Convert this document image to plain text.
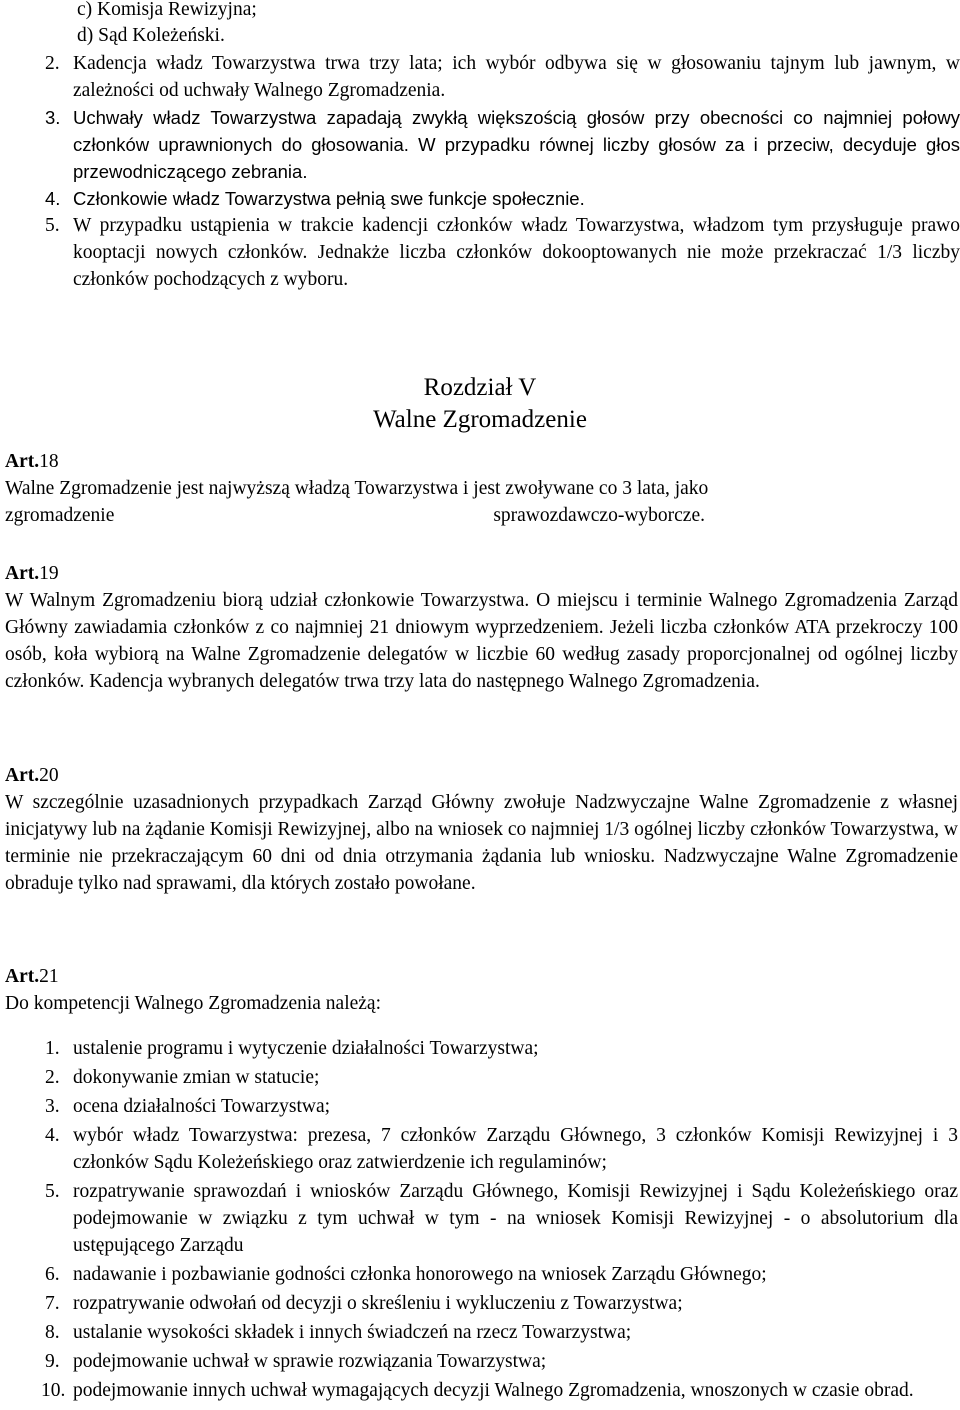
c) Komisja Rewizyjna;

d) Sąd Koleżeński.

2. Kadencja władz Towarzystwa trwa trzy lata; ich wybór odbywa się w głosowaniu tajnym lub jawnym, w zależności od uchwały Walnego Zgromadzenia.
3. Uchwały władz Towarzystwa zapadają zwykłą większością głosów przy obecności co najmniej połowy członków uprawnionych do głosowania. W przypadku równej liczby głosów za i przeciw, decyduje głos przewodniczącego zebrania.
4. Członkowie władz Towarzystwa pełnią swe funkcje społecznie.
5. W przypadku ustąpienia w trakcie kadencji członków władz Towarzystwa, władzom tym przysługuje prawo kooptacji nowych członków. Jednakże liczba członków dokooptowanych nie może przekraczać 1/3 liczby członków pochodzących z wyboru.
Rozdział V
Walne Zgromadzenie

Art.18

Walne Zgromadzenie jest najwyższą władzą Towarzystwa i jest zwoływane co 3 lata, jako

zgromadzenie	sprawozdawczo-wyborcze.

Art.19

W Walnym Zgromadzeniu biorą udział członkowie Towarzystwa. O miejscu i terminie Walnego Zgromadzenia Zarząd Główny zawiadamia członków z co najmniej 21 dniowym wyprzedzeniem. Jeżeli liczba członków ATA przekroczy 100 osób, koła wybiorą na Walne Zgromadzenie delegatów w liczbie 60 według zasady proporcjonalnej od ogólnej liczby członków. Kadencja wybranych delegatów trwa trzy lata do następnego Walnego Zgromadzenia.

Art.20

W szczególnie uzasadnionych przypadkach Zarząd Główny zwołuje Nadzwyczajne Walne Zgromadzenie z własnej inicjatywy lub na żądanie Komisji Rewizyjnej, albo na wniosek co najmniej 1/3 ogólnej liczby członków Towarzystwa, w terminie nie przekraczającym 60 dni od dnia otrzymania żądania lub wniosku. Nadzwyczajne Walne Zgromadzenie obraduje tylko nad sprawami, dla których zostało powołane.

Art.21

Do kompetencji Walnego Zgromadzenia należą:

1. ustalenie programu i wytyczenie działalności Towarzystwa;
2. dokonywanie zmian w statucie;
3. ocena działalności Towarzystwa;
4. wybór władz Towarzystwa: prezesa, 7 członków Zarządu Głównego, 3 członków Komisji Rewizyjnej i 3 członków Sądu Koleżeńskiego oraz zatwierdzenie ich regulaminów;
5. rozpatrywanie sprawozdań i wniosków Zarządu Głównego, Komisji Rewizyjnej i Sądu Koleżeńskiego oraz podejmowanie w związku z tym uchwał w tym - na wniosek Komisji Rewizyjnej - o absolutorium dla ustępującego Zarządu
6. nadawanie i pozbawianie godności członka honorowego na wniosek Zarządu Głównego;
7. rozpatrywanie odwołań od decyzji o skreśleniu i wykluczeniu z Towarzystwa;
8. ustalanie wysokości składek i innych świadczeń na rzecz Towarzystwa;
9. podejmowanie uchwał w sprawie rozwiązania Towarzystwa;
10. podejmowanie innych uchwał wymagających decyzji Walnego Zgromadzenia, wnoszonych w czasie obrad.
